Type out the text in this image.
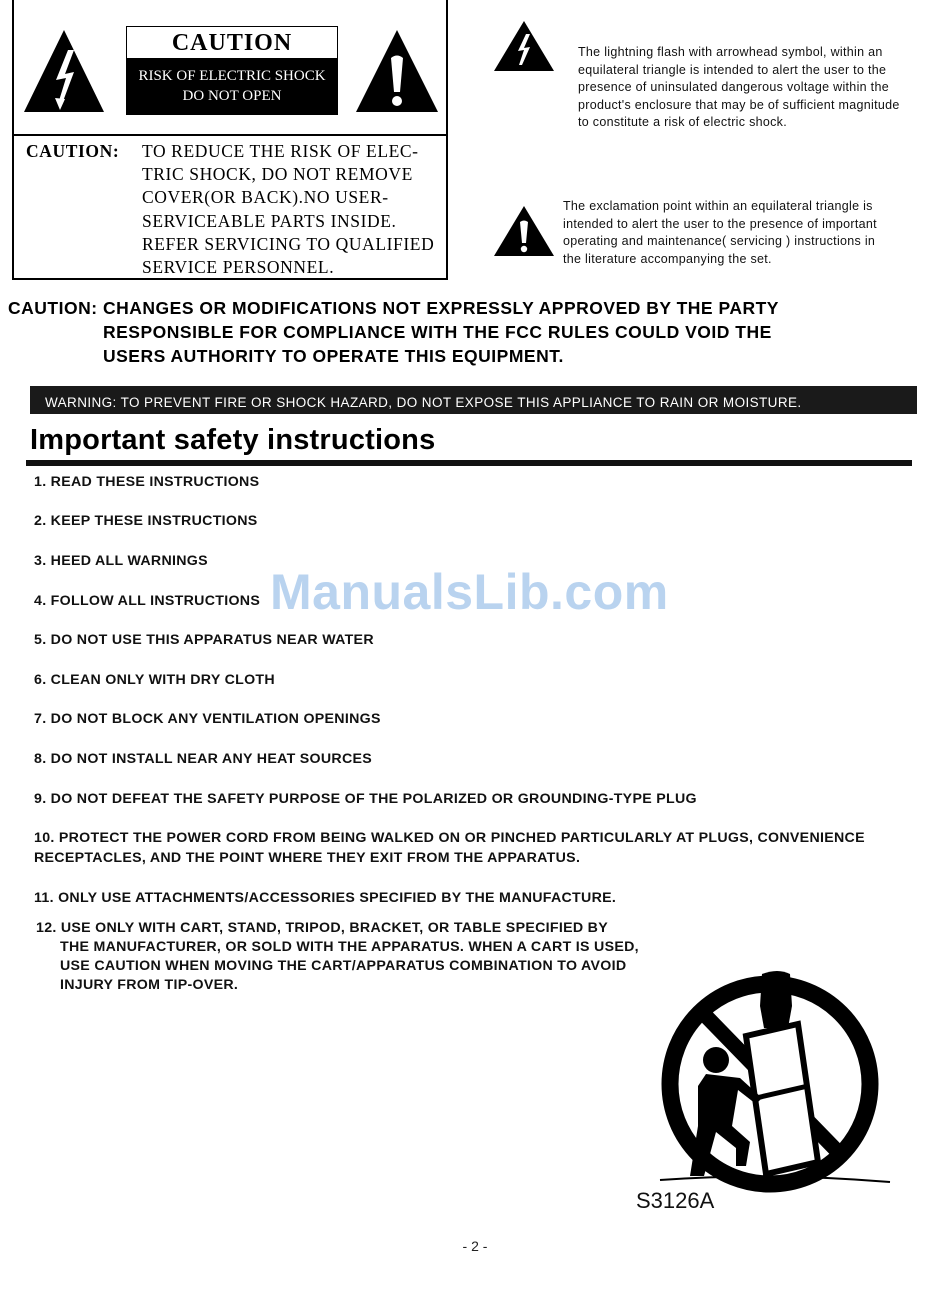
CAUTION
RISK OF ELECTRIC SHOCK
DO NOT OPEN
CAUTION: TO REDUCE THE RISK OF ELEC-
TRIC SHOCK, DO NOT REMOVE
COVER(OR BACK).NO USER-
SERVICEABLE PARTS INSIDE.
REFER SERVICING TO QUALIFIED
SERVICE PERSONNEL.
The lightning flash with arrowhead symbol, within an
equilateral triangle is intended to alert the user to the
presence of uninsulated dangerous voltage within the
product's enclosure that may be of sufficient magnitude
to constitute a risk of electric shock.
The exclamation point within an equilateral triangle is
intended to alert the user to the presence of important
operating and maintenance( servicing ) instructions in
the literature accompanying the set.
CAUTION: CHANGES OR MODIFICATIONS NOT EXPRESSLY APPROVED BY THE PARTY
RESPONSIBLE FOR COMPLIANCE WITH THE FCC RULES COULD VOID THE
USERS AUTHORITY TO OPERATE THIS EQUIPMENT.
WARNING: TO PREVENT FIRE OR SHOCK HAZARD, DO NOT EXPOSE THIS APPLIANCE TO RAIN OR MOISTURE.
Important safety instructions
ManualsLib.com
1. READ THESE INSTRUCTIONS
2. KEEP THESE INSTRUCTIONS
3. HEED ALL WARNINGS
4. FOLLOW ALL INSTRUCTIONS
5. DO NOT USE THIS APPARATUS NEAR WATER
6. CLEAN ONLY WITH DRY CLOTH
7. DO NOT BLOCK ANY VENTILATION OPENINGS
8. DO NOT INSTALL NEAR ANY HEAT SOURCES
9. DO NOT DEFEAT THE SAFETY PURPOSE OF THE POLARIZED OR GROUNDING-TYPE PLUG
10. PROTECT THE POWER CORD FROM BEING WALKED ON OR PINCHED PARTICULARLY AT PLUGS, CONVENIENCE
RECEPTACLES, AND THE POINT WHERE THEY EXIT FROM THE APPARATUS.
11. ONLY USE ATTACHMENTS/ACCESSORIES SPECIFIED BY THE MANUFACTURE.
12. USE ONLY WITH CART, STAND, TRIPOD, BRACKET, OR TABLE SPECIFIED BY
THE MANUFACTURER, OR SOLD WITH THE APPARATUS. WHEN A CART IS USED,
USE CAUTION WHEN MOVING THE CART/APPARATUS COMBINATION TO AVOID
INJURY FROM TIP-OVER.
S3126A
- 2 -
